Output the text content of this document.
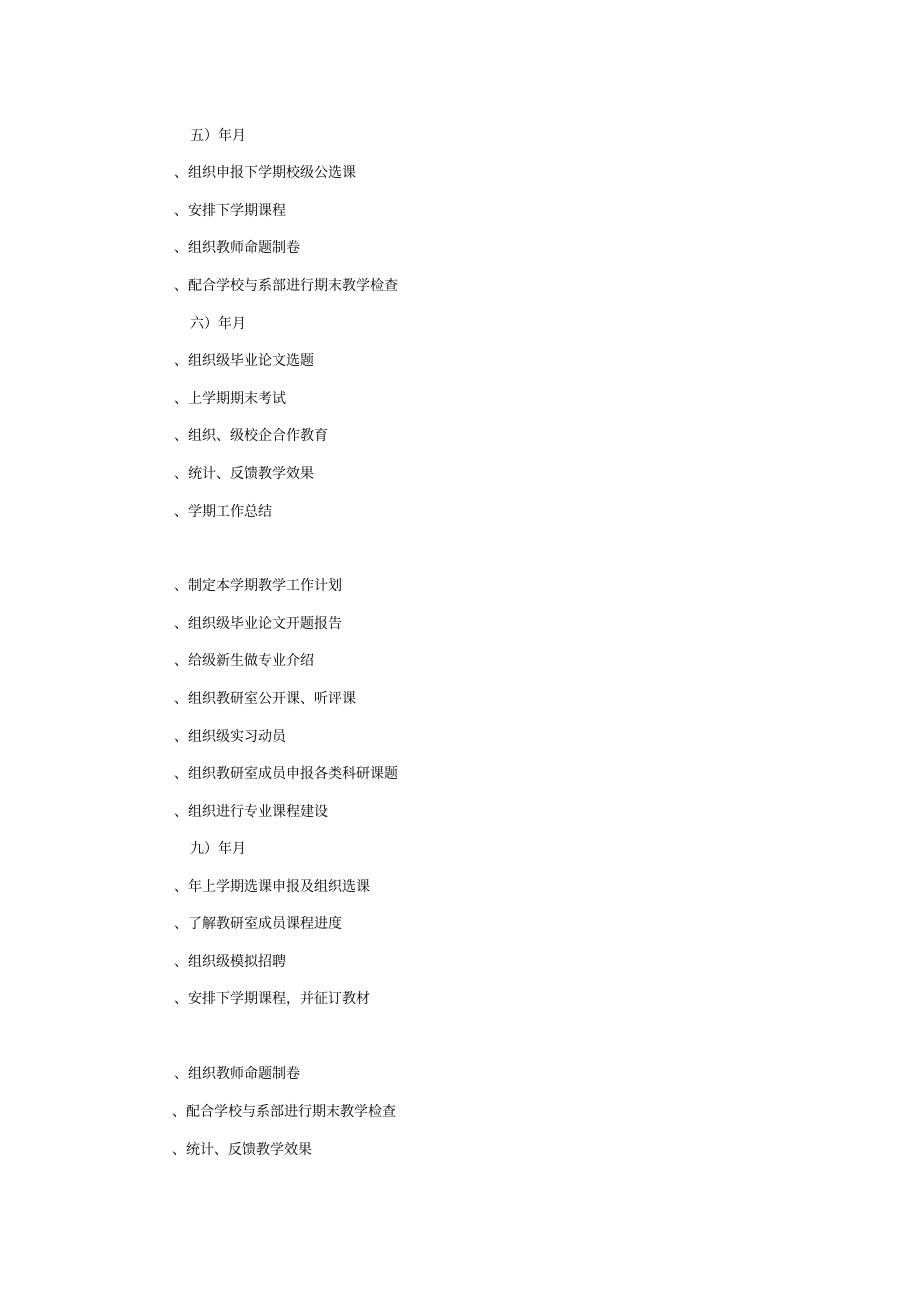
五）年月
、组织申报下学期校级公选课
、安排下学期课程
、组织教师命题制卷
、配合学校与系部进行期末教学检查
六）年月
、组织级毕业论文选题
、上学期期末考试
、组织、级校企合作教育
、统计、反馈教学效果
、学期工作总结
、制定本学期教学工作计划
、组织级毕业论文开题报告
、给级新生做专业介绍
、组织教研室公开课、听评课
、组织级实习动员
、组织教研室成员申报各类科研课题
、组织进行专业课程建设
九）年月
、年上学期选课申报及组织选课
、了解教研室成员课程进度
、组织级模拟招聘
、安排下学期课程，并征订教材
、组织教师命题制卷
、配合学校与系部进行期末教学检查
、统计、反馈教学效果
